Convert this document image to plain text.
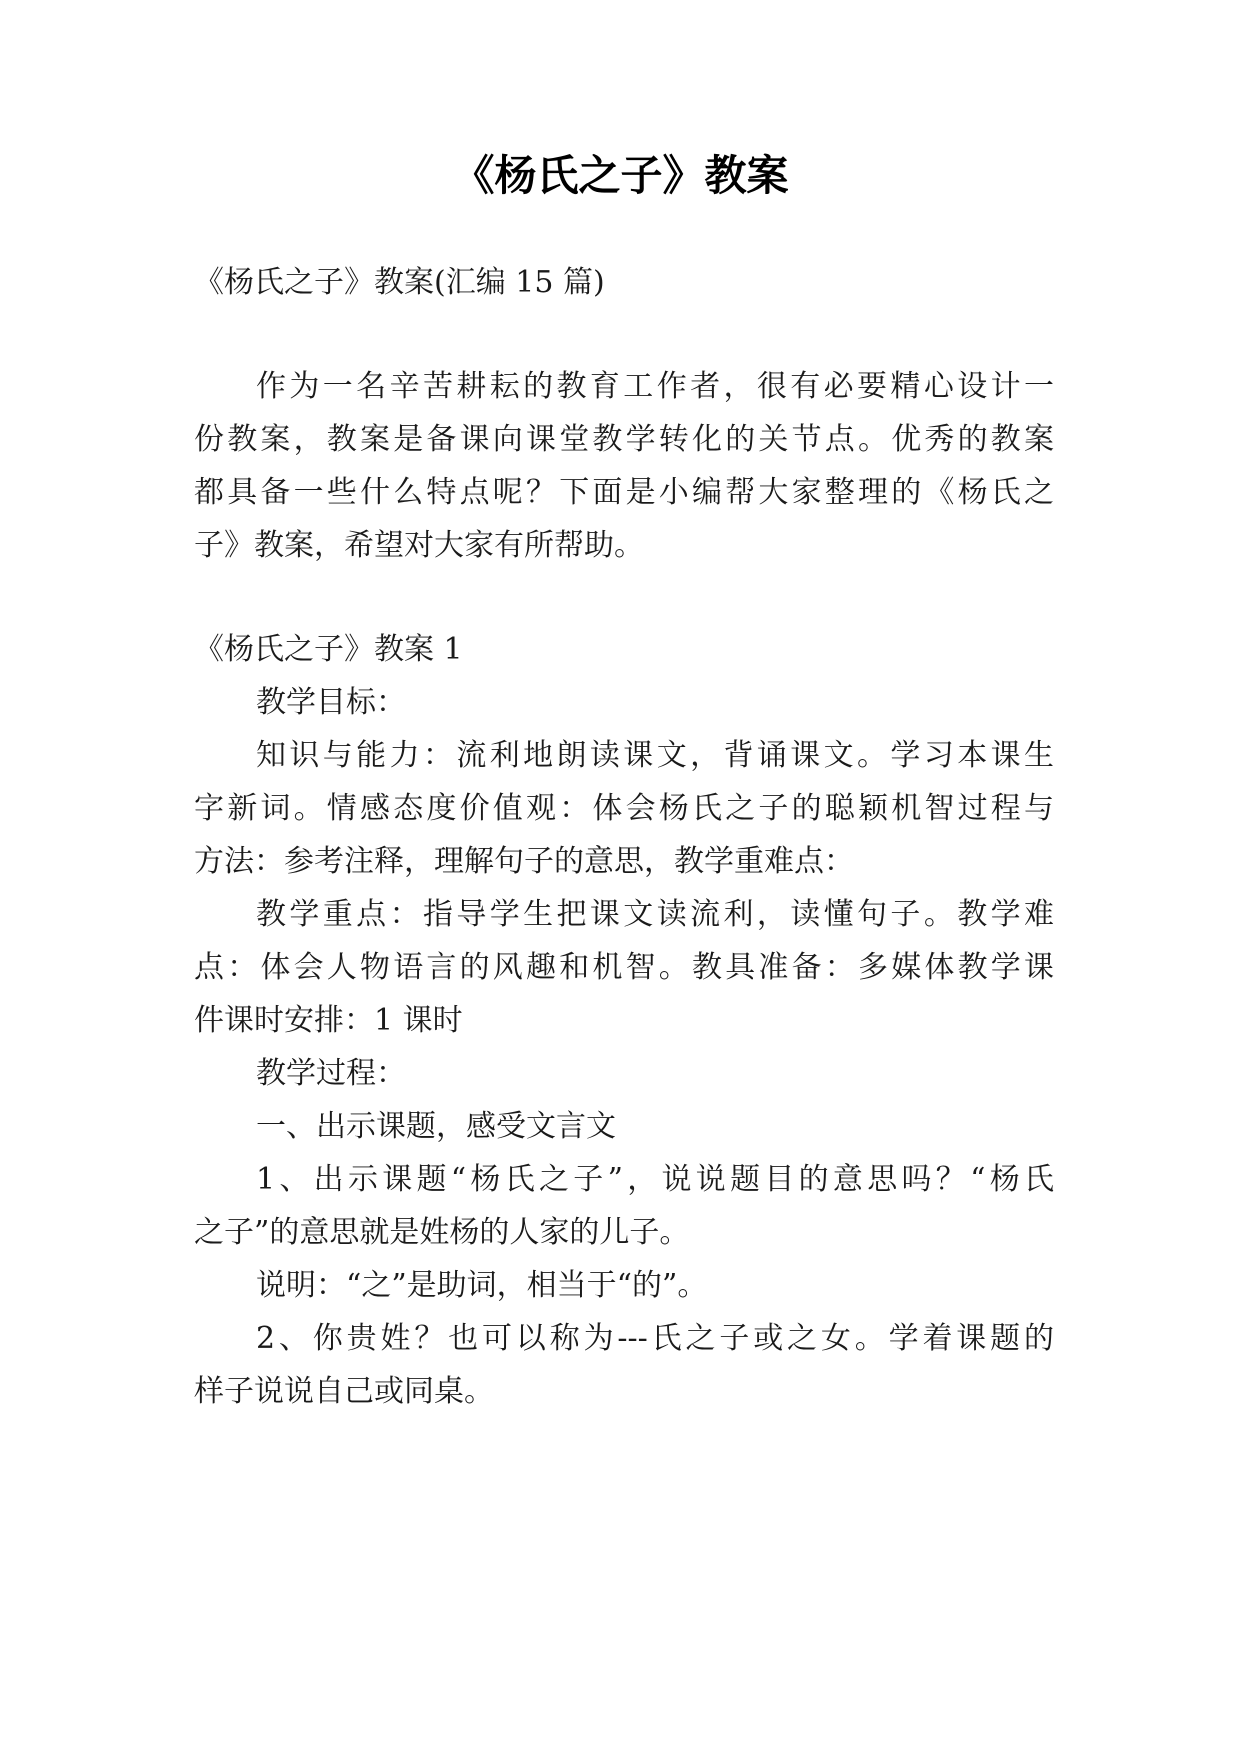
《杨氏之子》教案
《杨氏之子》教案(汇编 15 篇)
作为一名辛苦耕耘的教育工作者，很有必要精心设计一
份教案，教案是备课向课堂教学转化的关节点。优秀的教案
都具备一些什么特点呢？下面是小编帮大家整理的《杨氏之
子》教案，希望对大家有所帮助。
《杨氏之子》教案 1
教学目标：
知识与能力：流利地朗读课文，背诵课文。学习本课生
字新词。情感态度价值观：体会杨氏之子的聪颖机智过程与
方法：参考注释，理解句子的意思，教学重难点：
教学重点：指导学生把课文读流利，读懂句子。教学难
点：体会人物语言的风趣和机智。教具准备：多媒体教学课
件课时安排：1 课时
教学过程：
一、出示课题，感受文言文
1、出示课题“杨氏之子”，说说题目的意思吗？“杨氏
之子”的意思就是姓杨的人家的儿子。
说明：“之”是助词，相当于“的”。
2、你贵姓？也可以称为---氏之子或之女。学着课题的
样子说说自己或同桌。
